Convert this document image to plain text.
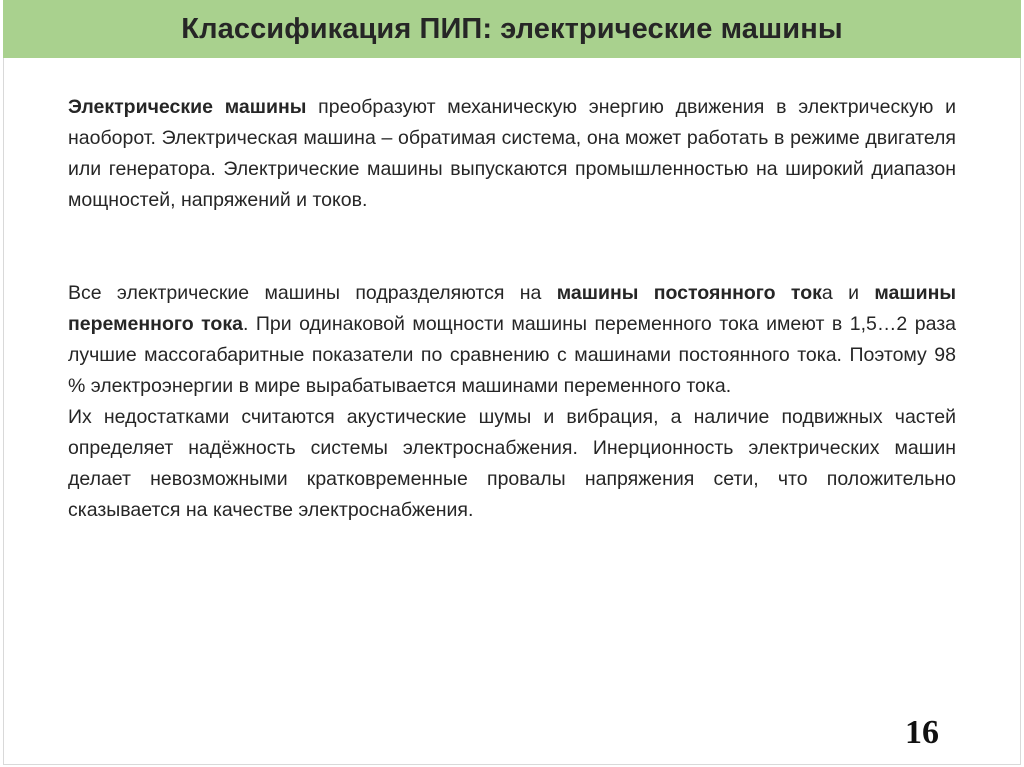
Классификация ПИП: электрические машины

Электрические машины преобразуют механическую энергию движения в электрическую и наоборот. Электрическая машина – обратимая система, она может работать в режиме двигателя или генератора. Электрические машины выпускаются промышленностью на широкий диапазон мощностей, напряжений и токов.

Все электрические машины подразделяются на машины постоянного тока и машины переменного тока. При одинаковой мощности машины переменного тока имеют в 1,5…2 раза лучшие массогабаритные показатели по сравнению с машинами постоянного тока. Поэтому 98 % электроэнергии в мире вырабатывается машинами переменного тока.

Их недостатками считаются акустические шумы и вибрация, а наличие подвижных частей определяет надёжность системы электроснабжения. Инерционность электрических машин делает невозможными кратковременные провалы напряжения сети, что положительно сказывается на качестве электроснабжения.

16
